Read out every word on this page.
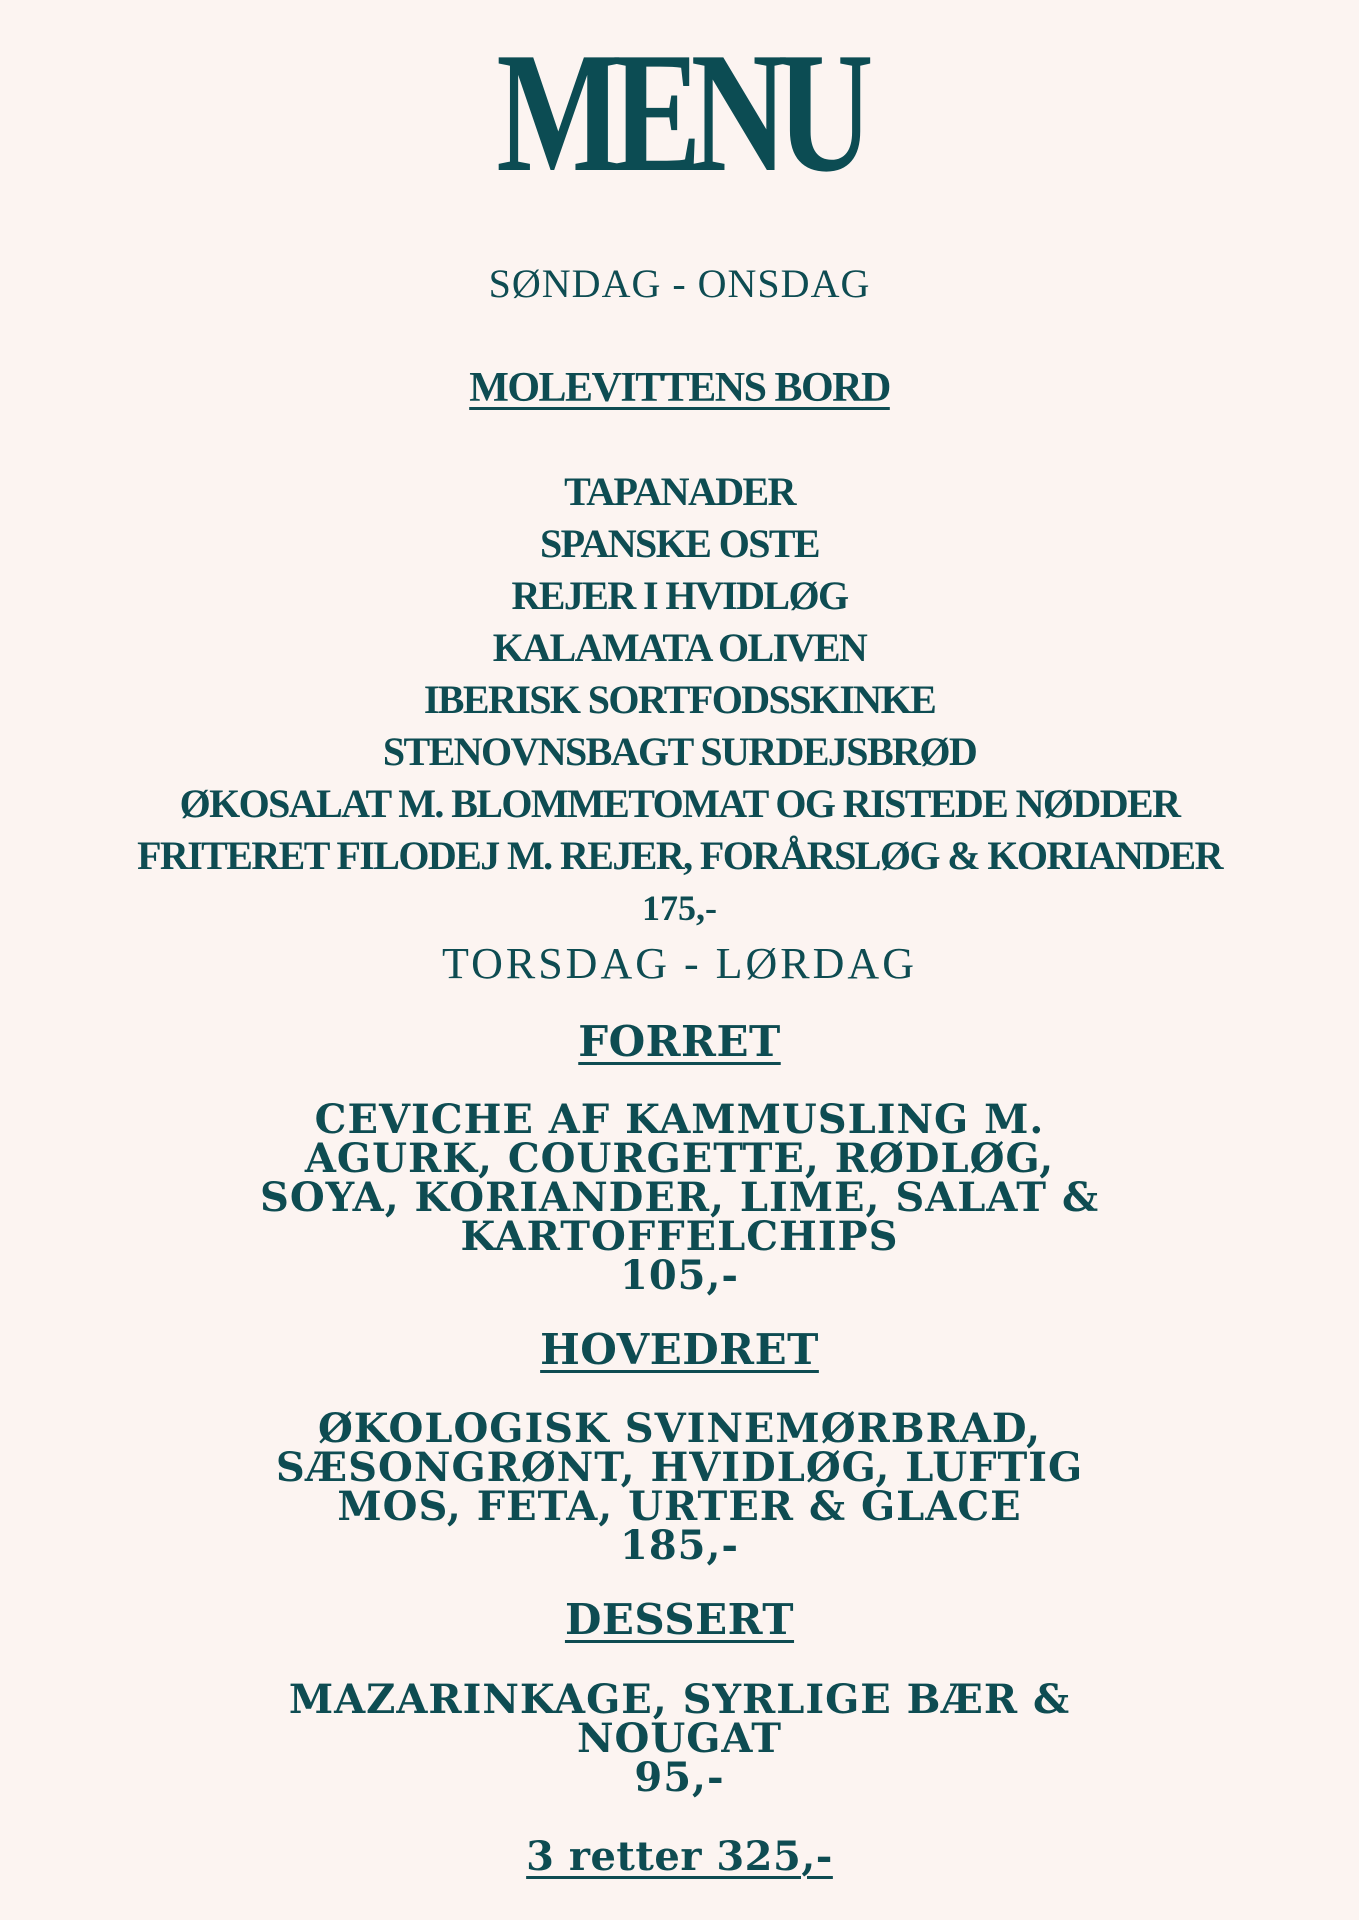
MENU
SØNDAG - ONSDAG
MOLEVITTENS BORD
TAPANADER
SPANSKE OSTE
REJER I HVIDLØG
KALAMATA OLIVEN
IBERISK SORTFODSSKINKE
STENOVNSBAGT SURDEJSBRØD
ØKOSALAT M. BLOMMETOMAT OG RISTEDE NØDDER
FRITERET FILODEJ M. REJER, FORÅRSLØG & KORIANDER
175,-
TORSDAG - LØRDAG
FORRET
CEVICHE AF KAMMUSLING M.
AGURK, COURGETTE, RØDLØG,
SOYA, KORIANDER, LIME, SALAT &
KARTOFFELCHIPS
105,-
HOVEDRET
ØKOLOGISK SVINEMØRBRAD,
SÆSONGRØNT, HVIDLØG, LUFTIG
MOS, FETA, URTER & GLACE
185,-
DESSERT
MAZARINKAGE, SYRLIGE BÆR &
NOUGAT
95,-
3 retter 325,-
